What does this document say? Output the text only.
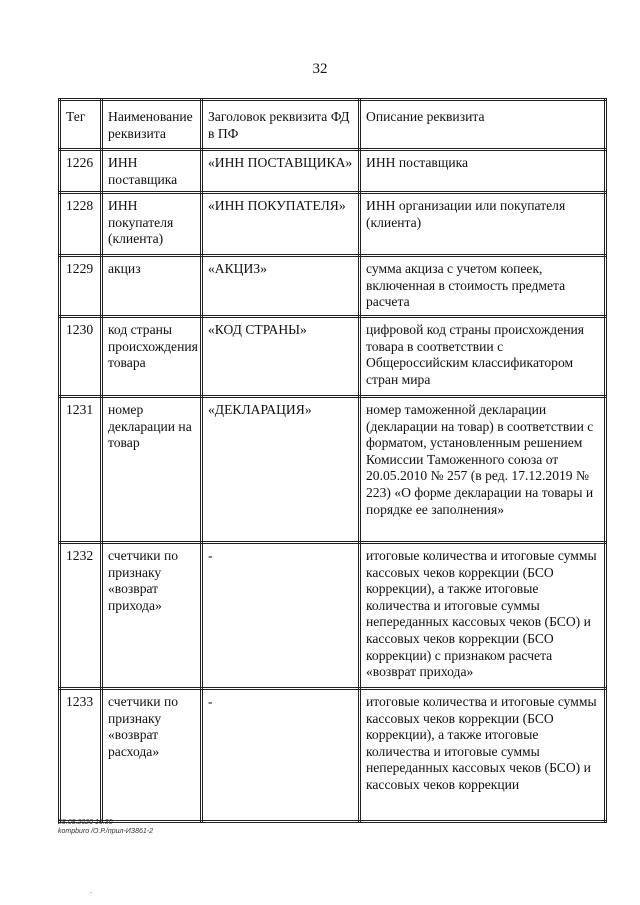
32
Тег	Наименование реквизита	Заголовок реквизита ФД в ПФ	Описание реквизита
1226	ИНН поставщика	«ИНН ПОСТАВЩИКА»	ИНН поставщика
1228	ИНН покупателя (клиента)	«ИНН ПОКУПАТЕЛЯ»	ИНН организации или покупателя (клиента)
1229	акциз	«АКЦИЗ»	сумма акциза с учетом копеек, включенная в стоимость предмета расчета
1230	код страны происхождения товара	«КОД СТРАНЫ»	цифровой код страны происхождения товара в соответствии с Общероссийским классификатором стран мира
1231	номер декларации на товар	«ДЕКЛАРАЦИЯ»	номер таможенной декларации (декларации на товар) в соответствии с форматом, установленным решением Комиссии Таможенного союза от 20.05.2010 № 257 (в ред. 17.12.2019 № 223) «О форме декларации на товары и порядке ее заполнения»
1232	счетчики по признаку «возврат прихода»	-	итоговые количества и итоговые суммы кассовых чеков коррекции (БСО коррекции), а также итоговые количества и итоговые суммы непереданных кассовых чеков (БСО) и кассовых чеков коррекции (БСО коррекции) с признаком расчета «возврат прихода»
1233	счетчики по признаку «возврат расхода»	-	итоговые количества и итоговые суммы кассовых чеков коррекции (БСО коррекции), а также итоговые количества и итоговые суммы непереданных кассовых чеков (БСО) и кассовых чеков коррекции
28.08.2020 16:30
kompburo /О.Р./прил-ИЗ861-2
.
